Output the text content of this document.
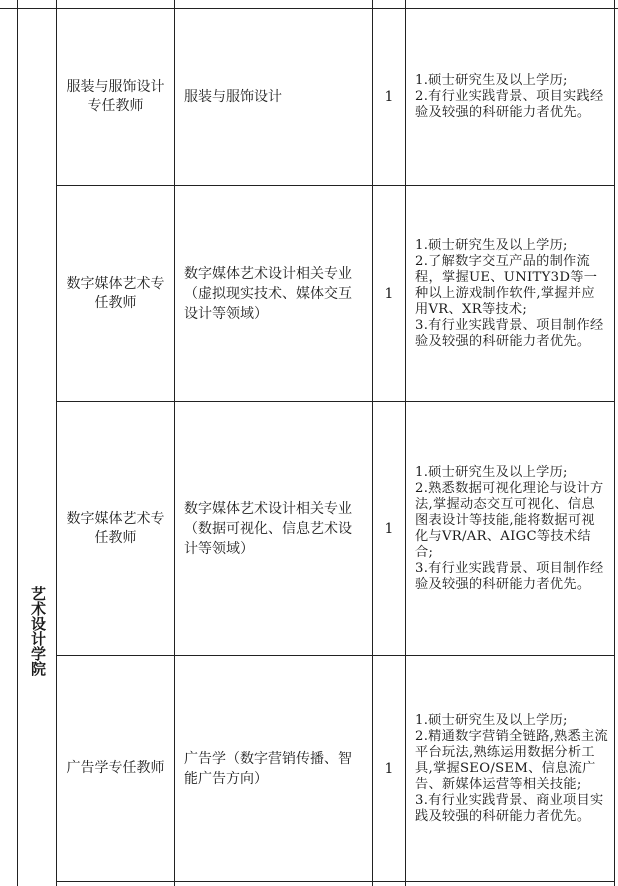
艺术设计学院
服装与服饰设计专任教师
服装与服饰设计	1
1.硕士研究生及以上学历;
2.有行业实践背景、项目实践经验及较强的科研能力者优先。
数字媒体艺术专任教师
数字媒体艺术设计相关专业（虚拟现实技术、媒体交互设计等领域）
1
1.硕士研究生及以上学历;
2.了解数字交互产品的制作流程，掌握UE、UNITY3D等一种以上游戏制作软件,掌握并应用VR、XR等技术;
3.有行业实践背景、项目制作经验及较强的科研能力者优先。
数字媒体艺术专任教师
数字媒体艺术设计相关专业（数据可视化、信息艺术设计等领域）
1
1.硕士研究生及以上学历;
2.熟悉数据可视化理论与设计方法,掌握动态交互可视化、信息图表设计等技能,能将数据可视化与VR/AR、AIGC等技术结合;
3.有行业实践背景、项目制作经验及较强的科研能力者优先。
广告学专任教师
广告学（数字营销传播、智能广告方向）
1
1.硕士研究生及以上学历;
2.精通数字营销全链路,熟悉主流平台玩法,熟练运用数据分析工具,掌握SEO/SEM、信息流广告、新媒体运营等相关技能;
3.有行业实践背景、商业项目实践及较强的科研能力者优先。
